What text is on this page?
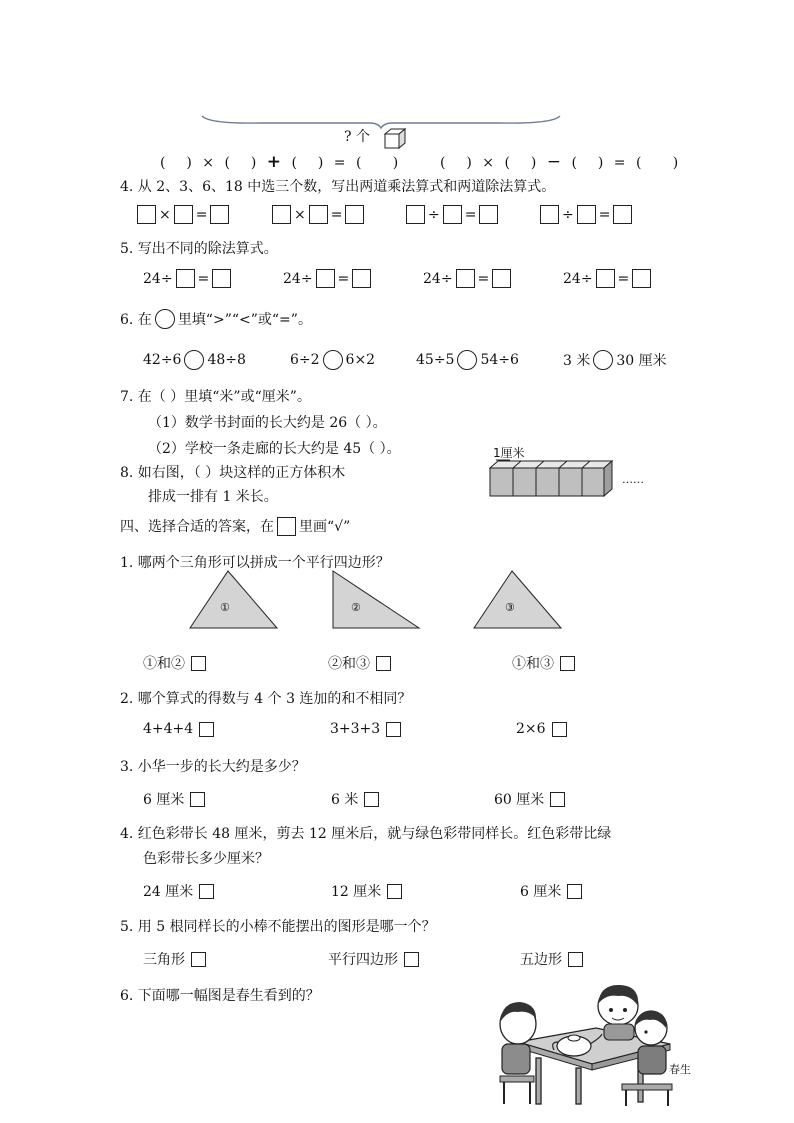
? 个
( ) × ( ) + ( ) = ( )	( ) × ( ) − ( ) = ( )
4. 从 2、3、6、18 中选三个数，写出两道乘法算式和两道除法算式。
× =	× =	÷ =	÷ =
5. 写出不同的除法算式。
24÷ =	24÷ =	24÷ =	24÷ =
6. 在 里填“>”“<”或“=”。
42÷6 48÷8	6÷2 6×2	45÷5 54÷6	3 米 30 厘米
7. 在（ ）里填“米”或“厘米”。
（1）数学书封面的长大约是 26（ ）。
（2）学校一条走廊的长大约是 45（ ）。
8. 如右图，（ ）块这样的正方体积木
排成一排有 1 米长。
1厘米
……
四、选择合适的答案，在 里画“√”
1. 哪两个三角形可以拼成一个平行四边形？
①	②	③
①和②	②和③	①和③
2. 哪个算式的得数与 4 个 3 连加的和不相同？
4+4+4	3+3+3	2×6
3. 小华一步的长大约是多少？
6 厘米	6 米	60 厘米
4. 红色彩带长 48 厘米，剪去 12 厘米后，就与绿色彩带同样长。红色彩带比绿
色彩带长多少厘米？
24 厘米	12 厘米	6 厘米
5. 用 5 根同样长的小棒不能摆出的图形是哪一个？
三角形	平行四边形	五边形
6. 下面哪一幅图是春生看到的？
春生
